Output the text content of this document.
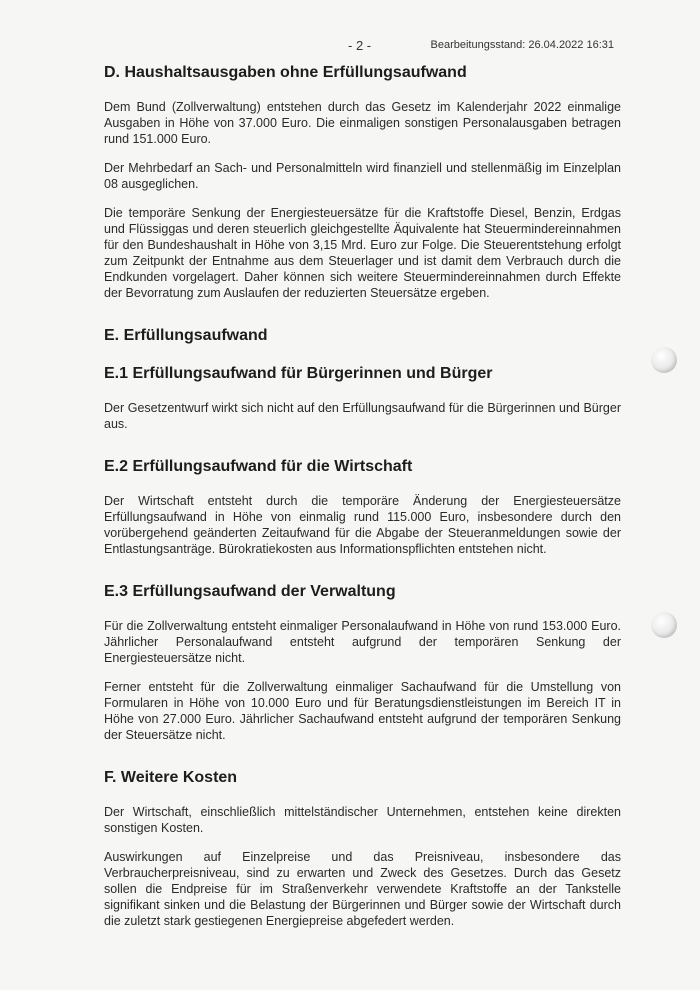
- 2 -	Bearbeitungsstand: 26.04.2022 16:31
D. Haushaltsausgaben ohne Erfüllungsaufwand

Dem Bund (Zollverwaltung) entstehen durch das Gesetz im Kalenderjahr 2022 einmalige Ausgaben in Höhe von 37.000 Euro. Die einmaligen sonstigen Personalausgaben betragen rund 151.000 Euro.

Der Mehrbedarf an Sach- und Personalmitteln wird finanziell und stellenmäßig im Einzelplan 08 ausgeglichen.

Die temporäre Senkung der Energiesteuersätze für die Kraftstoffe Diesel, Benzin, Erdgas und Flüssiggas und deren steuerlich gleichgestellte Äquivalente hat Steuermindereinnahmen für den Bundeshaushalt in Höhe von 3,15 Mrd. Euro zur Folge. Die Steuerentstehung erfolgt zum Zeitpunkt der Entnahme aus dem Steuerlager und ist damit dem Verbrauch durch die Endkunden vorgelagert. Daher können sich weitere Steuermindereinnahmen durch Effekte der Bevorratung zum Auslaufen der reduzierten Steuersätze ergeben.

E. Erfüllungsaufwand
E.1 Erfüllungsaufwand für Bürgerinnen und Bürger

Der Gesetzentwurf wirkt sich nicht auf den Erfüllungsaufwand für die Bürgerinnen und Bürger aus.

E.2 Erfüllungsaufwand für die Wirtschaft

Der Wirtschaft entsteht durch die temporäre Änderung der Energiesteuersätze Erfüllungsaufwand in Höhe von einmalig rund 115.000 Euro, insbesondere durch den vorübergehend geänderten Zeitaufwand für die Abgabe der Steueranmeldungen sowie der Entlastungsanträge. Bürokratiekosten aus Informationspflichten entstehen nicht.

E.3 Erfüllungsaufwand der Verwaltung

Für die Zollverwaltung entsteht einmaliger Personalaufwand in Höhe von rund 153.000 Euro. Jährlicher Personalaufwand entsteht aufgrund der temporären Senkung der Energiesteuersätze nicht.

Ferner entsteht für die Zollverwaltung einmaliger Sachaufwand für die Umstellung von Formularen in Höhe von 10.000 Euro und für Beratungsdienstleistungen im Bereich IT in Höhe von 27.000 Euro. Jährlicher Sachaufwand entsteht aufgrund der temporären Senkung der Steuersätze nicht.

F. Weitere Kosten

Der Wirtschaft, einschließlich mittelständischer Unternehmen, entstehen keine direkten sonstigen Kosten.

Auswirkungen auf Einzelpreise und das Preisniveau, insbesondere das Verbraucherpreisniveau, sind zu erwarten und Zweck des Gesetzes. Durch das Gesetz sollen die Endpreise für im Straßenverkehr verwendete Kraftstoffe an der Tankstelle signifikant sinken und die Belastung der Bürgerinnen und Bürger sowie der Wirtschaft durch die zuletzt stark gestiegenen Energiepreise abgefedert werden.
